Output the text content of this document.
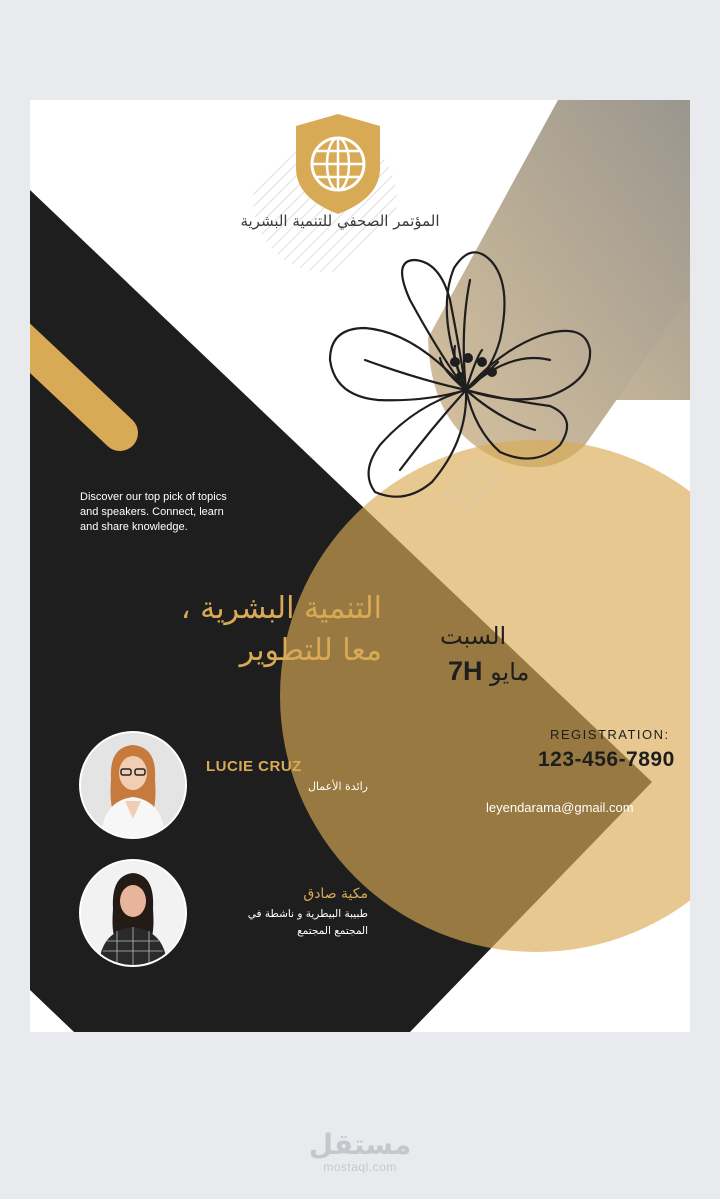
المؤتمر الصحفي للتنمية البشرية
Discover our top pick of topics and speakers. Connect, learn and share knowledge.
التنمية البشرية ،
معا للتطوير السبت
7H مايو
REGISTRATION:
123-456-7890
leyendarama@gmail.com
LUCIE CRUZ
رائدة الأعمال
مكية صادق
طبيبة البيطرية و ناشطة في المجتمع المجتمع
مستقل
mostaql.com
